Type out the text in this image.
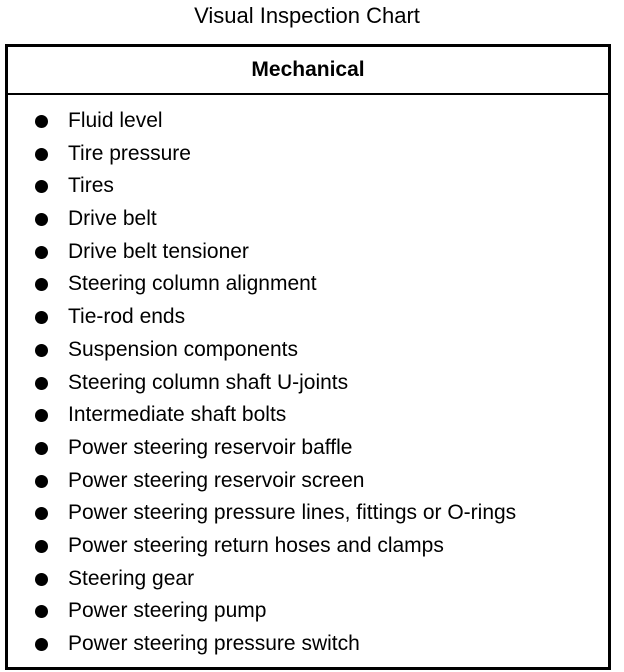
Visual Inspection Chart
Mechanical
Fluid level
Tire pressure
Tires
Drive belt
Drive belt tensioner
Steering column alignment
Tie-rod ends
Suspension components
Steering column shaft U-joints
Intermediate shaft bolts
Power steering reservoir baffle
Power steering reservoir screen
Power steering pressure lines, fittings or O-rings
Power steering return hoses and clamps
Steering gear
Power steering pump
Power steering pressure switch
